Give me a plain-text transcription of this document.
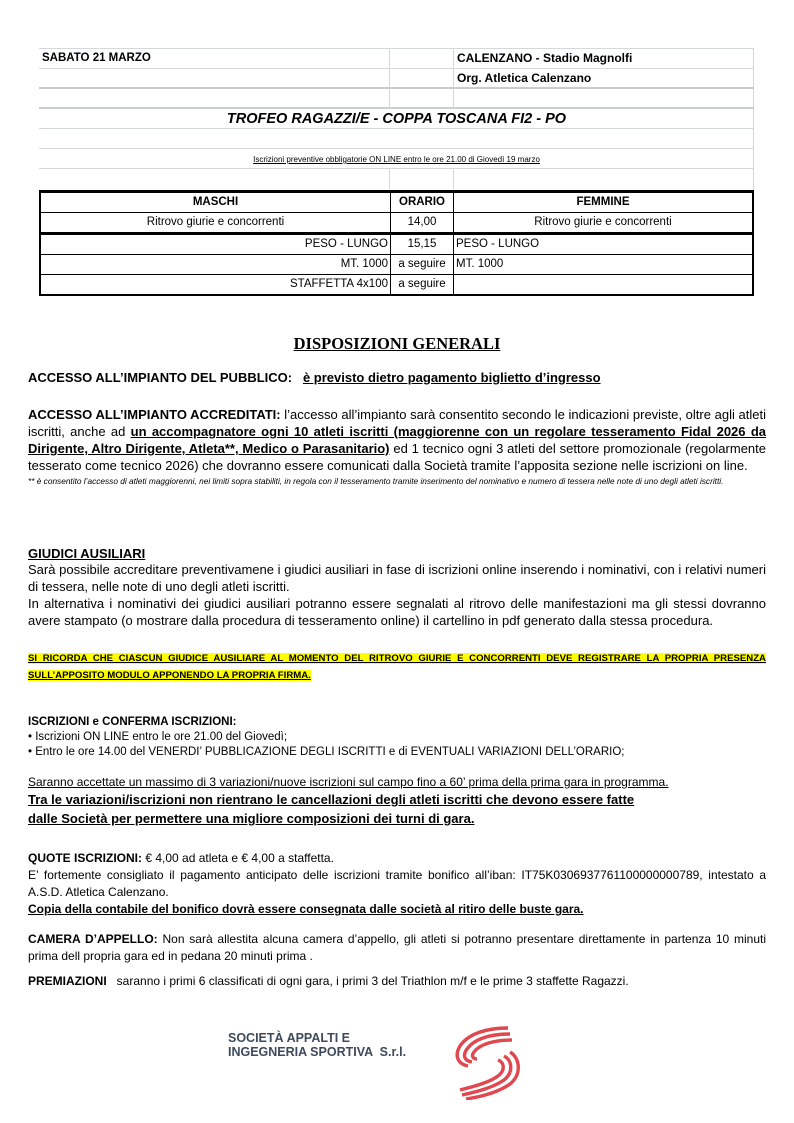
SABATO 21 MARZO	CALENZANO - Stadio Magnolfi
Org. Atletica Calenzano
TROFEO RAGAZZI/E - COPPA TOSCANA FI2 - PO
Iscrizioni preventive obbligatorie ON LINE entro le ore 21.00 di Giovedì 19 marzo
MASCHI	ORARIO	FEMMINE
Ritrovo giurie e concorrenti	14,00	Ritrovo giurie e concorrenti
PESO - LUNGO	15,15	PESO - LUNGO
MT. 1000	a seguire	MT. 1000
STAFFETTA 4x100	a seguire	
DISPOSIZIONI GENERALI
ACCESSO ALL’IMPIANTO DEL PUBBLICO: è previsto dietro pagamento biglietto d’ingresso
ACCESSO ALL’IMPIANTO ACCREDITATI: l’accesso all’impianto sarà consentito secondo le indicazioni previste, oltre agli atleti iscritti, anche ad un accompagnatore ogni 10 atleti iscritti (maggiorenne con un regolare tesseramento Fidal 2026 da Dirigente, Altro Dirigente, Atleta**, Medico o Parasanitario) ed 1 tecnico ogni 3 atleti del settore promozionale (regolarmente tesserato come tecnico 2026) che dovranno essere comunicati dalla Società tramite l’apposita sezione nelle iscrizioni on line.
** è consentito l’accesso di atleti maggiorenni, nei limiti sopra stabiliti, in regola con il tesseramento tramite inserimento del nominativo e numero di tessera nelle note di uno degli atleti iscritti.
GIUDICI AUSILIARI
Sarà possibile accreditare preventivamene i giudici ausiliari in fase di iscrizioni online inserendo i nominativi, con i relativi numeri di tessera, nelle note di uno degli atleti iscritti.
In alternativa i nominativi dei giudici ausiliari potranno essere segnalati al ritrovo delle manifestazioni ma gli stessi dovranno avere stampato (o mostrare dalla procedura di tesseramento online) il cartellino in pdf generato dalla stessa procedura.
SI RICORDA CHE CIASCUN GIUDICE AUSILIARE AL MOMENTO DEL RITROVO GIURIE E CONCORRENTI DEVE REGISTRARE LA PROPRIA PRESENZA SULL’APPOSITO MODULO APPONENDO LA PROPRIA FIRMA.
ISCRIZIONI e CONFERMA ISCRIZIONI:
• Iscrizioni ON LINE entro le ore 21.00 del Giovedì;
• Entro le ore 14.00 del VENERDI’ PUBBLICAZIONE DEGLI ISCRITTI e di EVENTUALI VARIAZIONI DELL’ORARIO;
Saranno accettate un massimo di 3 variazioni/nuove iscrizioni sul campo fino a 60’ prima della prima gara in programma.
Tra le variazioni/iscrizioni non rientrano le cancellazioni degli atleti iscritti che devono essere fatte
dalle Società per permettere una migliore composizioni dei turni di gara.
QUOTE ISCRIZIONI: € 4,00 ad atleta e € 4,00 a staffetta.
E’ fortemente consigliato il pagamento anticipato delle iscrizioni tramite bonifico all’iban: IT75K0306937761100000000789, intestato a A.S.D. Atletica Calenzano.
Copia della contabile del bonifico dovrà essere consegnata dalle società al ritiro delle buste gara.
CAMERA D’APPELLO: Non sarà allestita alcuna camera d’appello, gli atleti si potranno presentare direttamente in partenza 10 minuti prima dell propria gara ed in pedana 20 minuti prima .
PREMIAZIONI   saranno i primi 6 classificati di ogni gara, i primi 3 del Triathlon m/f e le prime 3 staffette Ragazzi.
SOCIETÀ APPALTI E
INGEGNERIA SPORTIVA  S.r.l.
